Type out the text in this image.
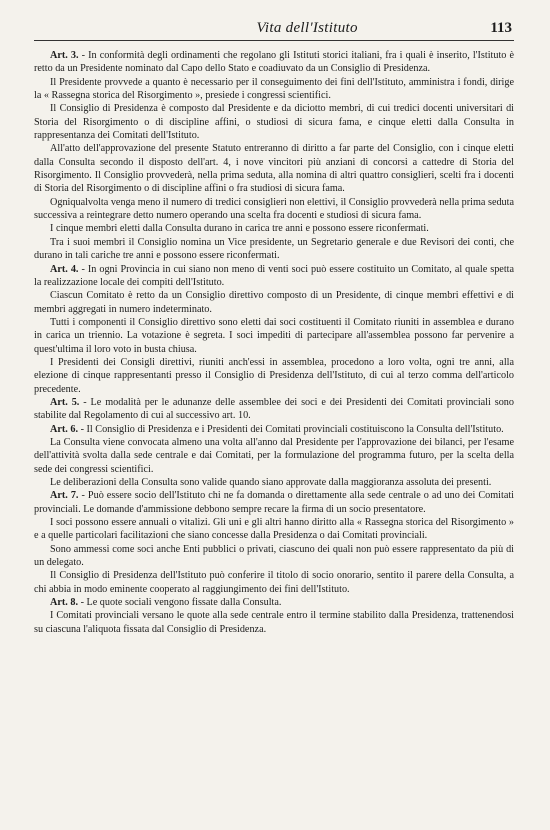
Vita dell'Istituto	113

Art. 3. - In conformità degli ordinamenti che regolano gli Istituti storici italiani, fra i quali è inserito, l'Istituto è retto da un Presidente nominato dal Capo dello Stato e coadiuvato da un Consiglio di Presidenza.

Il Presidente provvede a quanto è necessario per il conseguimento dei fini dell'Istituto, amministra i fondi, dirige la « Rassegna storica del Risorgimento », presiede i congressi scientifici.

Il Consiglio di Presidenza è composto dal Presidente e da diciotto membri, di cui tredici docenti universitari di Storia del Risorgimento o di discipline affini, o studiosi di sicura fama, e cinque eletti dalla Consulta in rappresentanza dei Comitati dell'Istituto.

All'atto dell'approvazione del presente Statuto entreranno di diritto a far parte del Consiglio, con i cinque eletti dalla Consulta secondo il disposto dell'art. 4, i nove vincitori più anziani di concorsi a cattedre di Storia del Risorgimento. Il Consiglio provvederà, nella prima seduta, alla nomina di altri quattro consiglieri, scelti fra i docenti di Storia del Risorgimento o di discipline affini o fra studiosi di sicura fama.

Ogniqualvolta venga meno il numero di tredici consiglieri non elettivi, il Consiglio provvederà nella prima seduta successiva a reintegrare detto numero operando una scelta fra docenti e studiosi di sicura fama.

I cinque membri eletti dalla Consulta durano in carica tre anni e possono essere riconfermati.

Tra i suoi membri il Consiglio nomina un Vice presidente, un Segretario generale e due Revisori dei conti, che durano in tali cariche tre anni e possono essere riconfermati.

Art. 4. - In ogni Provincia in cui siano non meno di venti soci può essere costituito un Comitato, al quale spetta la realizzazione locale dei compiti dell'Istituto.

Ciascun Comitato è retto da un Consiglio direttivo composto di un Presidente, di cinque membri effettivi e di membri aggregati in numero indeterminato.

Tutti i componenti il Consiglio direttivo sono eletti dai soci costituenti il Comitato riuniti in assemblea e durano in carica un triennio. La votazione è segreta. I soci impediti di partecipare all'assemblea possono far pervenire a quest'ultima il loro voto in busta chiusa.

I Presidenti dei Consigli direttivi, riuniti anch'essi in assemblea, procedono a loro volta, ogni tre anni, alla elezione di cinque rappresentanti presso il Consiglio di Presidenza dell'Istituto, di cui al terzo comma dell'articolo precedente.

Art. 5. - Le modalità per le adunanze delle assemblee dei soci e dei Presidenti dei Comitati provinciali sono stabilite dal Regolamento di cui al successivo art. 10.

Art. 6. - Il Consiglio di Presidenza e i Presidenti dei Comitati provinciali costituiscono la Consulta dell'Istituto.

La Consulta viene convocata almeno una volta all'anno dal Presidente per l'approvazione dei bilanci, per l'esame dell'attività svolta dalla sede centrale e dai Comitati, per la formulazione del programma futuro, per la scelta della sede dei congressi scientifici.

Le deliberazioni della Consulta sono valide quando siano approvate dalla maggioranza assoluta dei presenti.

Art. 7. - Può essere socio dell'Istituto chi ne fa domanda o direttamente alla sede centrale o ad uno dei Comitati provinciali. Le domande d'ammissione debbono sempre recare la firma di un socio presentatore.

I soci possono essere annuali o vitalizi. Gli uni e gli altri hanno diritto alla « Rassegna storica del Risorgimento » e a quelle particolari facilitazioni che siano concesse dalla Presidenza o dai Comitati provinciali.

Sono ammessi come soci anche Enti pubblici o privati, ciascuno dei quali non può essere rappresentato da più di un delegato.

Il Consiglio di Presidenza dell'Istituto può conferire il titolo di socio onorario, sentito il parere della Consulta, a chi abbia in modo eminente cooperato al raggiungimento dei fini dell'Istituto.

Art. 8. - Le quote sociali vengono fissate dalla Consulta.

I Comitati provinciali versano le quote alla sede centrale entro il termine stabilito dalla Presidenza, trattenendosi su ciascuna l'aliquota fissata dal Consiglio di Presidenza.
